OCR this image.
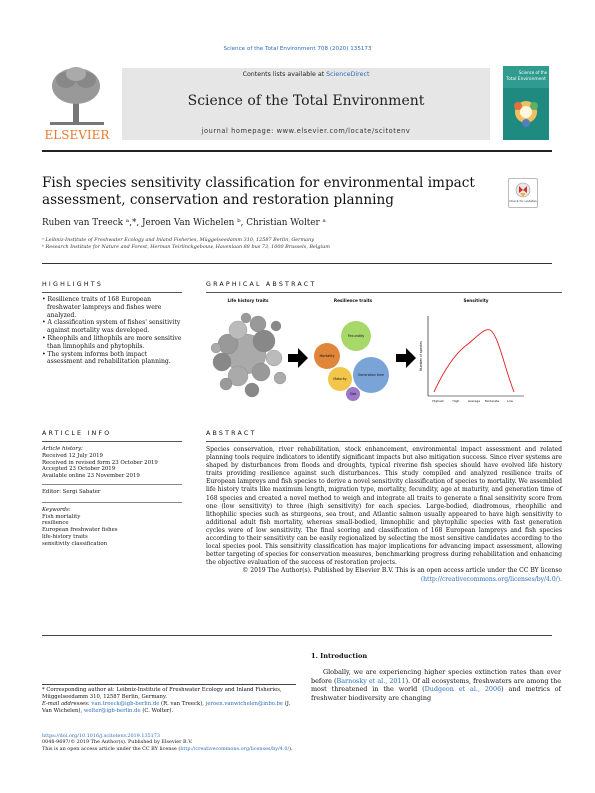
Science of the Total Environment 708 (2020) 135173
ELSEVIER
Contents lists available at ScienceDirect
Science of the Total Environment
journal homepage: www.elsevier.com/locate/scitotenv
Science of the
Total Environment
Fish species sensitivity classification for environmental impact assessment, conservation and restoration planning	Check for updates
Ruben van Treeck ᵃ,*, Jeroen Van Wichelen ᵇ, Christian Wolter ᵃ
ᵃ Leibniz-Institute of Freshwater Ecology and Inland Fisheries, Müggelseedamm 310, 12587 Berlin, Germany
ᵇ Research Institute for Nature and Forest, Herman Teirlinckgebouw, Havenlaan 88 bus 73, 1000 Brussels, Belgium
HIGHLIGHTS
• Resilience traits of 168 European freshwater lampreys and fishes were analyzed.
• A classification system of fishes' sensitivity against mortality was developed.
• Rheophils and lithophils are more sensitive than limnophils and phytophils.
• The system informs both impact assessment and rehabilitation planning.
GRAPHICAL ABSTRACT
Life history traits	Resilience traits	Sensitivity
Fecundity
Mortality
Generation time
Maturity
Size
Number of species
Highest	High	Average Moderate	Low
ARTICLE INFO
Article history:
Received 12 July 2019
Received in revised form 23 October 2019
Accepted 23 October 2019
Available online 23 November 2019
Editor: Sergi Sabater
Keywords:
Fish mortality
resilience
European freshwater fishes
life-history traits
sensitivity classification
ABSTRACT
Species conservation, river rehabilitation, stock enhancement, environmental impact assessment and related planning tools require indicators to identify significant impacts but also mitigation success. Since river systems are shaped by disturbances from floods and droughts, typical riverine fish species should have evolved life history traits providing resilience against such disturbances. This study compiled and analyzed resilience traits of European lampreys and fish species to derive a novel sensitivity classification of species to mortality. We assembled life history traits like maximum length, migration type, mortality, fecundity, age at maturity, and generation time of 168 species and created a novel method to weigh and integrate all traits to generate a final sensitivity score from one (low sensitivity) to three (high sensitivity) for each species. Large-bodied, diadromous, rheophilic and lithophilic species such as sturgeons, sea trout, and Atlantic salmon usually appeared to have high sensitivity to additional adult fish mortality, whereas small-bodied, limnophilic and phytophilic species with fast generation cycles were of low sensitivity. The final scoring and classification of 168 European lampreys and fish species according to their sensitivity can be easily regionalized by selecting the most sensitive candidates according to the local species pool. This sensitivity classification has major implications for advancing impact assessment, allowing better targeting of species for conservation measures, benchmarking progress during rehabilitation and enhancing the objective evaluation of the success of restoration projects.
© 2019 The Author(s). Published by Elsevier B.V. This is an open access article under the CC BY license
(http://creativecommons.org/licenses/by/4.0/).
1. Introduction
Globally, we are experiencing higher species extinction rates than ever before (Barnosky et al., 2011). Of all ecosystems, freshwaters are among the most threatened in the world (Dudgeon et al., 2006) and metrics of freshwater biodiversity are changing
* Corresponding author at: Leibniz-Institute of Freshwater Ecology and Inland Fisheries, Müggelseedamm 310, 12587 Berlin, Germany.
E-mail addresses: van.treeck@igb-berlin.de (R. van Treeck), jeroen.vanwichelen@inbo.be (J. Van Wichelen), wolter@igb-berlin.de (C. Wolter).
https://doi.org/10.1016/j.scitotenv.2019.135173
0048-9697/© 2019 The Author(s). Published by Elsevier B.V.
This is an open access article under the CC BY license (http://creativecommons.org/licenses/by/4.0/).
